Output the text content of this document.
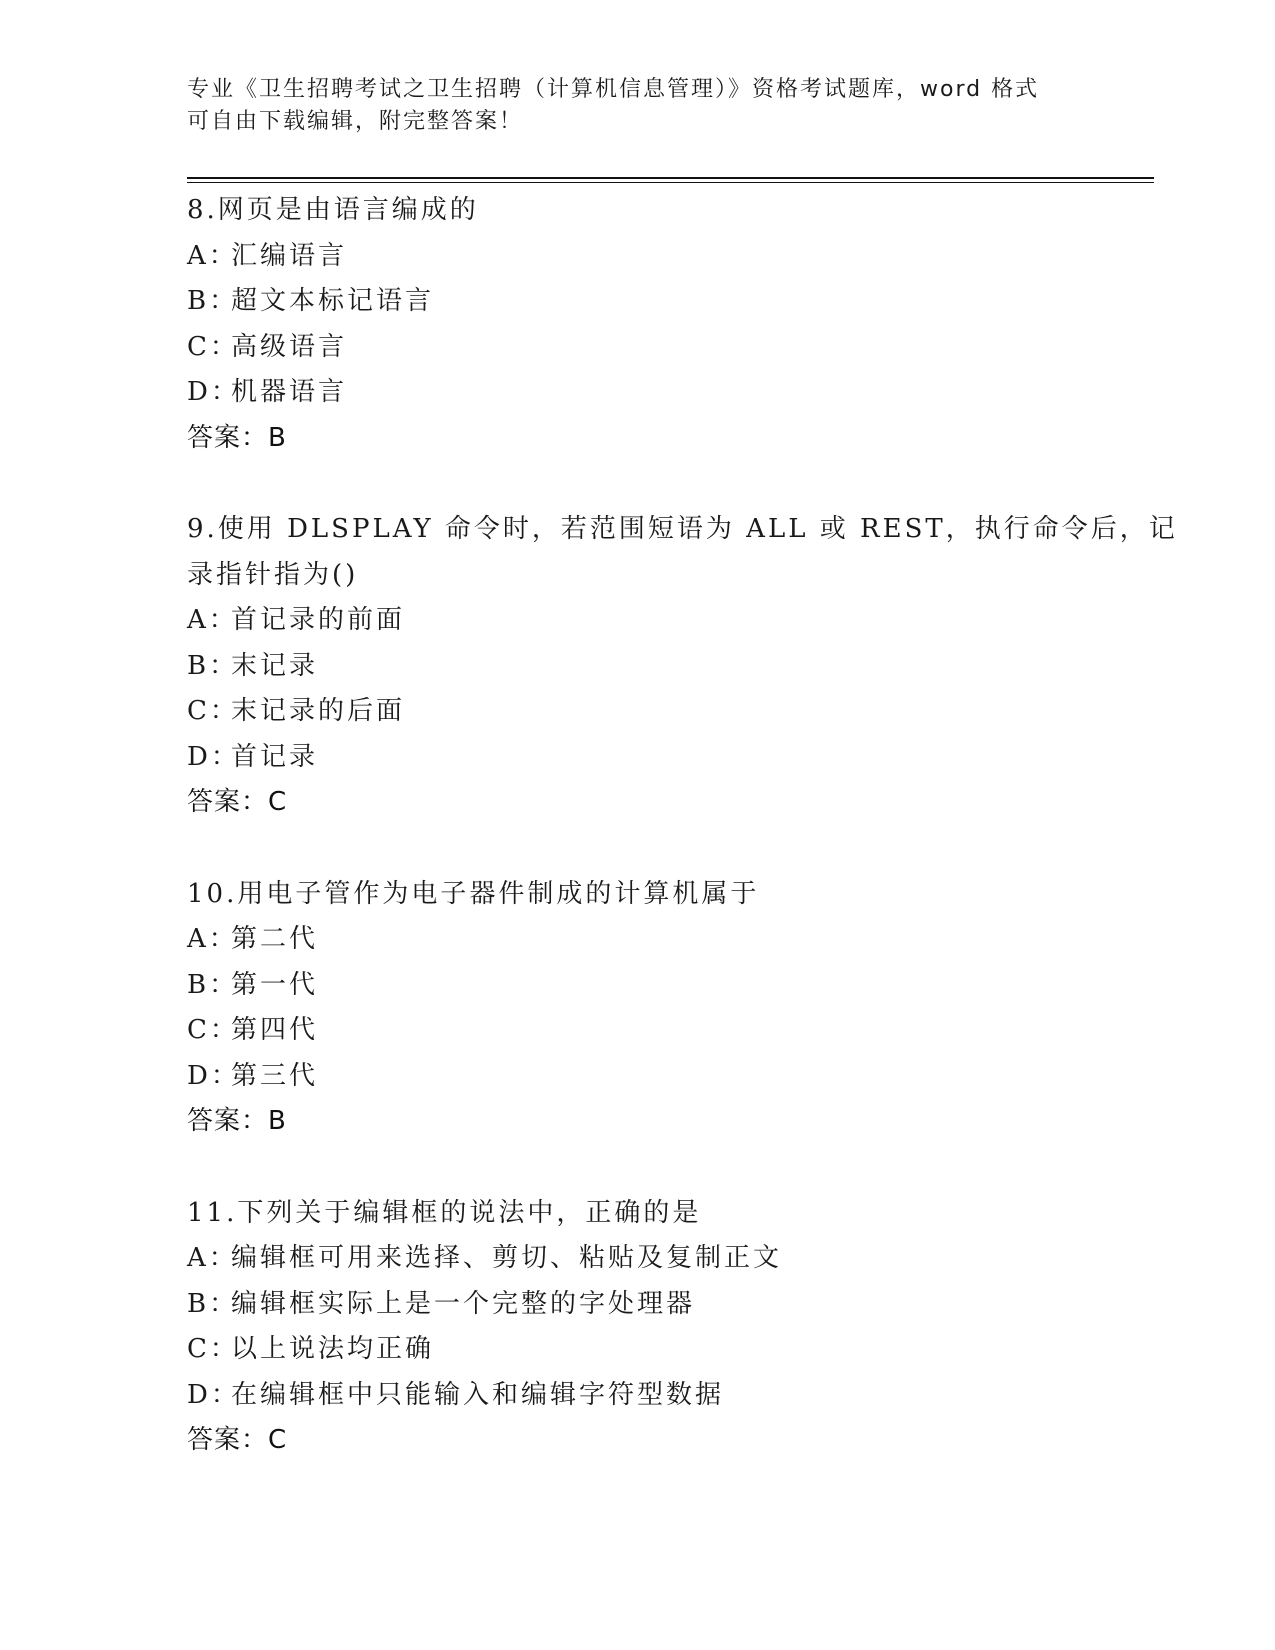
专业《卫生招聘考试之卫生招聘（计算机信息管理）》资格考试题库，word 格式
可自由下载编辑，附完整答案！
8.网页是由语言编成的
A：汇编语言
B：超文本标记语言
C：高级语言
D：机器语言
答案：B
9.使用 DLSPLAY 命令时，若范围短语为 ALL 或 REST，执行命令后，记
录指针指为()
A：首记录的前面
B：末记录
C：末记录的后面
D：首记录
答案：C
10.用电子管作为电子器件制成的计算机属于
A：第二代
B：第一代
C：第四代
D：第三代
答案：B
11.下列关于编辑框的说法中，正确的是
A：编辑框可用来选择、剪切、粘贴及复制正文
B：编辑框实际上是一个完整的字处理器
C：以上说法均正确
D：在编辑框中只能输入和编辑字符型数据
答案：C
